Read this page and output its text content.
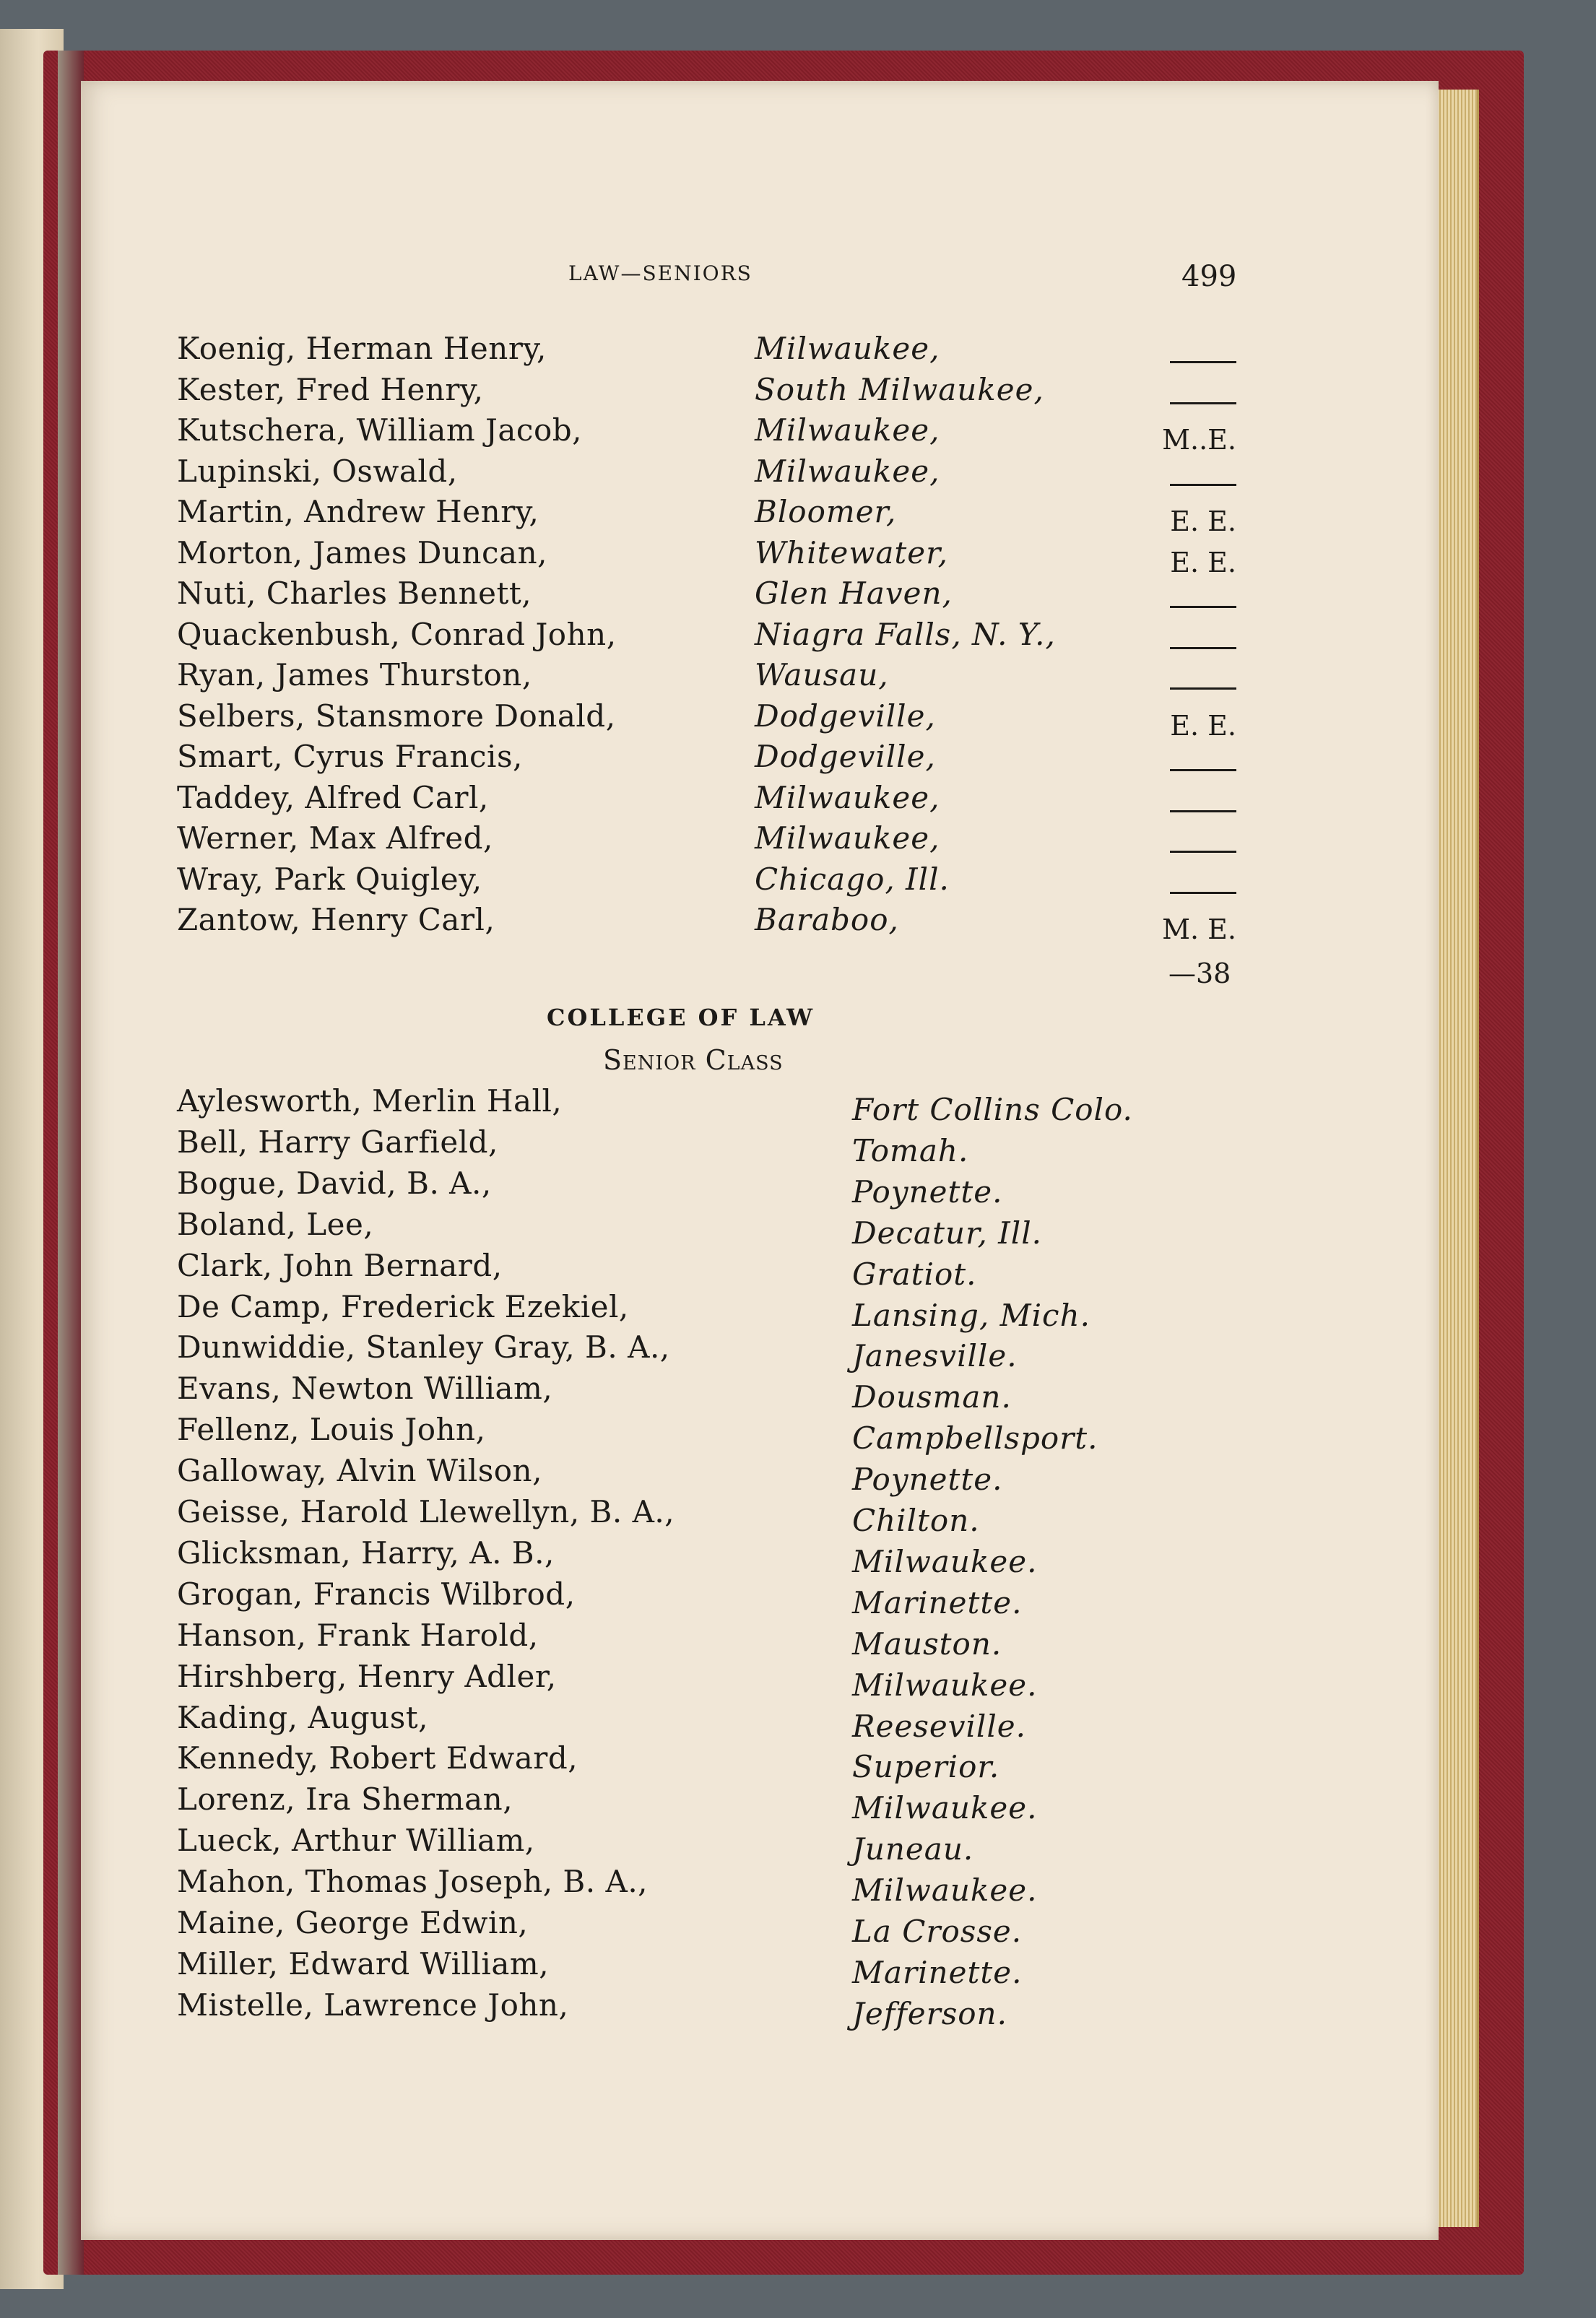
LAW—SENIORS	499
Koenig, Herman Henry,	Milwaukee,
Kester, Fred Henry,	South Milwaukee,
Kutschera, William Jacob,	Milwaukee,	M..E.
Lupinski, Oswald,	Milwaukee,
Martin, Andrew Henry,	Bloomer,	E. E.
Morton, James Duncan,	Whitewater,	E. E.
Nuti, Charles Bennett,	Glen Haven,
Quackenbush, Conrad John,	Niagra Falls, N. Y.,
Ryan, James Thurston,	Wausau,
Selbers, Stansmore Donald,	Dodgeville,	E. E.
Smart, Cyrus Francis,	Dodgeville,
Taddey, Alfred Carl,	Milwaukee,
Werner, Max Alfred,	Milwaukee,
Wray, Park Quigley,	Chicago, Ill.
Zantow, Henry Carl,	Baraboo,	M. E.
—38
COLLEGE OF LAW
Senior Class
Aylesworth, Merlin Hall,	Fort Collins Colo.
Bell, Harry Garfield,	Tomah.
Bogue, David, B. A.,	Poynette.
Boland, Lee,	Decatur, Ill.
Clark, John Bernard,	Gratiot.
De Camp, Frederick Ezekiel,	Lansing, Mich.
Dunwiddie, Stanley Gray, B. A.,	Janesville.
Evans, Newton William,	Dousman.
Fellenz, Louis John,	Campbellsport.
Galloway, Alvin Wilson,	Poynette.
Geisse, Harold Llewellyn, B. A.,	Chilton.
Glicksman, Harry, A. B.,	Milwaukee.
Grogan, Francis Wilbrod,	Marinette.
Hanson, Frank Harold,	Mauston.
Hirshberg, Henry Adler,	Milwaukee.
Kading, August,	Reeseville.
Kennedy, Robert Edward,	Superior.
Lorenz, Ira Sherman,	Milwaukee.
Lueck, Arthur William,	Juneau.
Mahon, Thomas Joseph, B. A.,	Milwaukee.
Maine, George Edwin,	La Crosse.
Miller, Edward William,	Marinette.
Mistelle, Lawrence John,	Jefferson.
